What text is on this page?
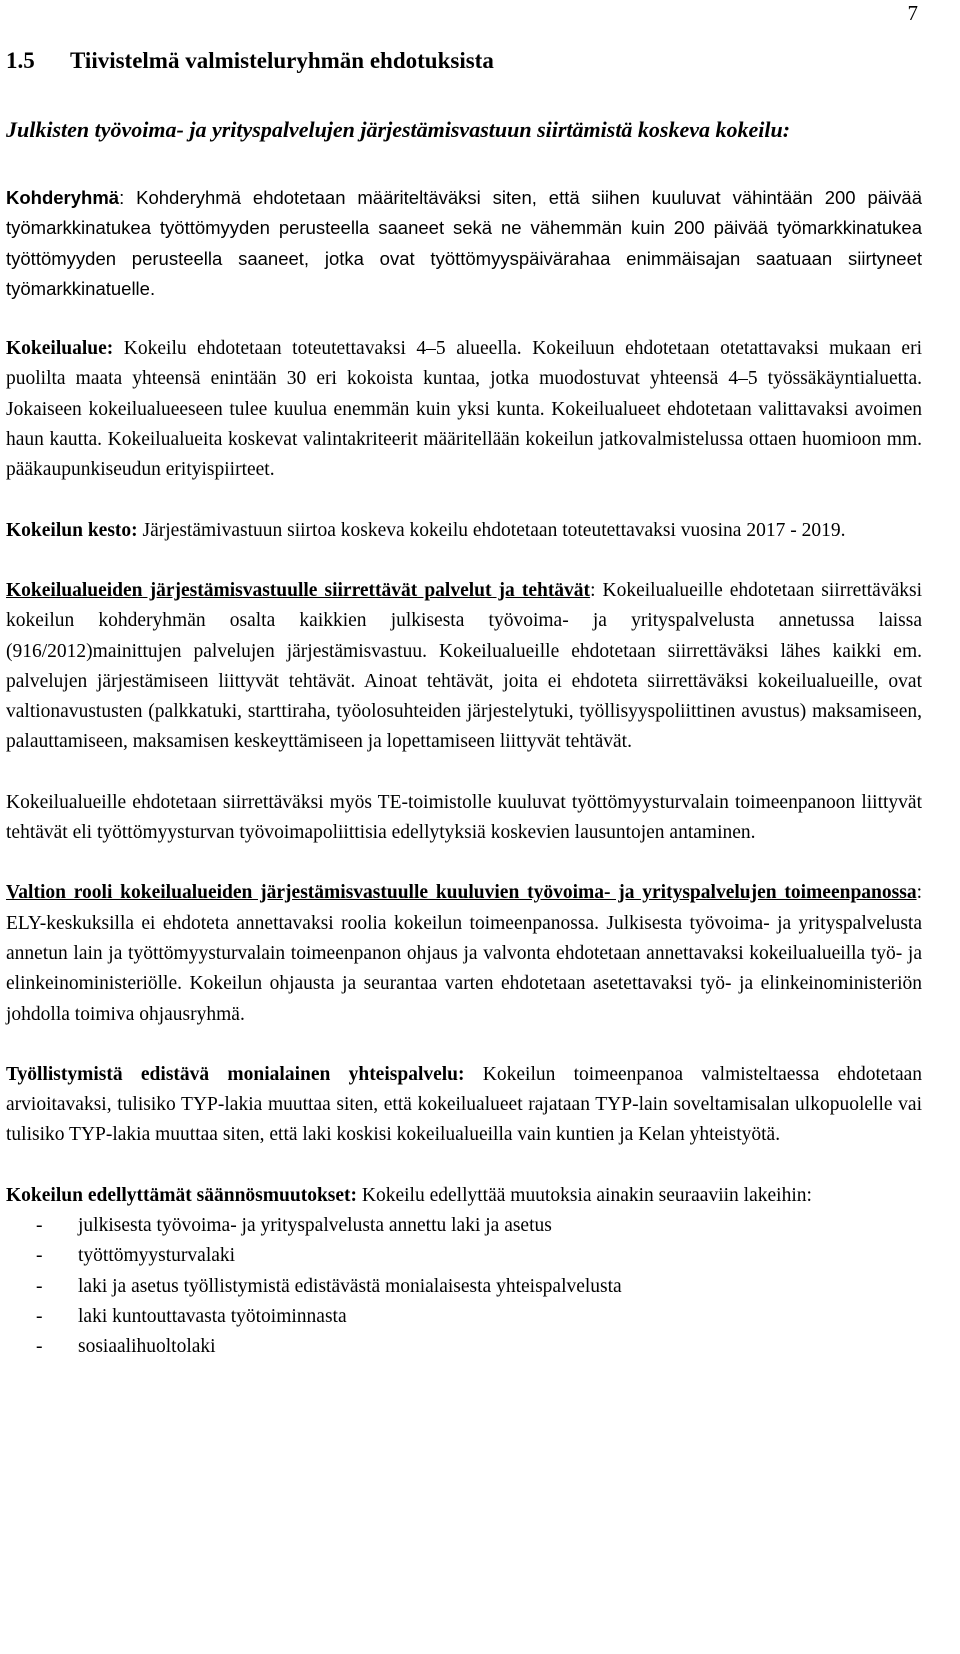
7
1.5	Tiivistelmä valmisteluryhmän ehdotuksista
Julkisten työvoima- ja yrityspalvelujen järjestämisvastuun siirtämistä koskeva kokeilu:

Kohderyhmä: Kohderyhmä ehdotetaan määriteltäväksi siten, että siihen kuuluvat vähintään 200 päivää työmarkkinatukea työttömyyden perusteella saaneet sekä ne vähemmän kuin 200 päivää työmarkkinatukea työttömyyden perusteella saaneet, jotka ovat työttömyyspäivärahaa enimmäisajan saatuaan siirtyneet työmarkkinatuelle.

Kokeilualue: Kokeilu ehdotetaan toteutettavaksi 4–5 alueella. Kokeiluun ehdotetaan otetattavaksi mukaan eri puolilta maata yhteensä enintään 30 eri kokoista kuntaa, jotka muodostuvat yhteensä 4–5 työssäkäyntialuetta. Jokaiseen kokeilualueeseen tulee kuulua enemmän kuin yksi kunta. Kokeilualueet ehdotetaan valittavaksi avoimen haun kautta. Kokeilualueita koskevat valintakriteerit määritellään kokeilun jatkovalmistelussa ottaen huomioon mm. pääkaupunkiseudun erityispiirteet.

Kokeilun kesto: Järjestämivastuun siirtoa koskeva kokeilu ehdotetaan toteutettavaksi vuosina 2017 - 2019.

Kokeilualueiden järjestämisvastuulle siirrettävät palvelut ja tehtävät: Kokeilualueille ehdotetaan siirrettäväksi kokeilun kohderyhmän osalta kaikkien julkisesta työvoima- ja yrityspalvelusta annetussa laissa (916/2012)mainittujen palvelujen järjestämisvastuu. Kokeilualueille ehdotetaan siirrettäväksi lähes kaikki em. palvelujen järjestämiseen liittyvät tehtävät. Ainoat tehtävät, joita ei ehdoteta siirrettäväksi kokeilualueille, ovat valtionavustusten (palkkatuki, starttiraha, työolosuhteiden järjestelytuki, työllisyyspoliittinen avustus) maksamiseen, palauttamiseen, maksamisen keskeyttämiseen ja lopettamiseen liittyvät tehtävät.

Kokeilualueille ehdotetaan siirrettäväksi myös TE-toimistolle kuuluvat työttömyysturvalain toimeenpanoon liittyvät tehtävät eli työttömyysturvan työvoimapoliittisia edellytyksiä koskevien lausuntojen antaminen.

Valtion rooli kokeilualueiden järjestämisvastuulle kuuluvien työvoima- ja yrityspalvelujen toimeenpanossa: ELY-keskuksilla ei ehdoteta annettavaksi roolia kokeilun toimeenpanossa. Julkisesta työvoima- ja yrityspalvelusta annetun lain ja työttömyysturvalain toimeenpanon ohjaus ja valvonta ehdotetaan annettavaksi kokeilualueilla työ- ja elinkeinoministeriölle. Kokeilun ohjausta ja seurantaa varten ehdotetaan asetettavaksi työ- ja elinkeinoministeriön johdolla toimiva ohjausryhmä.

Työllistymistä edistävä monialainen yhteispalvelu: Kokeilun toimeenpanoa valmisteltaessa ehdotetaan arvioitavaksi, tulisiko TYP-lakia muuttaa siten, että kokeilualueet rajataan TYP-lain soveltamisalan ulkopuolelle vai tulisiko TYP-lakia muuttaa siten, että laki koskisi kokeilualueilla vain kuntien ja Kelan yhteistyötä.

Kokeilun edellyttämät säännösmuutokset: Kokeilu edellyttää muutoksia ainakin seuraaviin lakeihin:

-	julkisesta työvoima- ja yrityspalvelusta annettu laki ja asetus
-	työttömyysturvalaki
-	laki ja asetus työllistymistä edistävästä monialaisesta yhteispalvelusta
-	laki kuntouttavasta työtoiminnasta
-	sosiaalihuoltolaki
